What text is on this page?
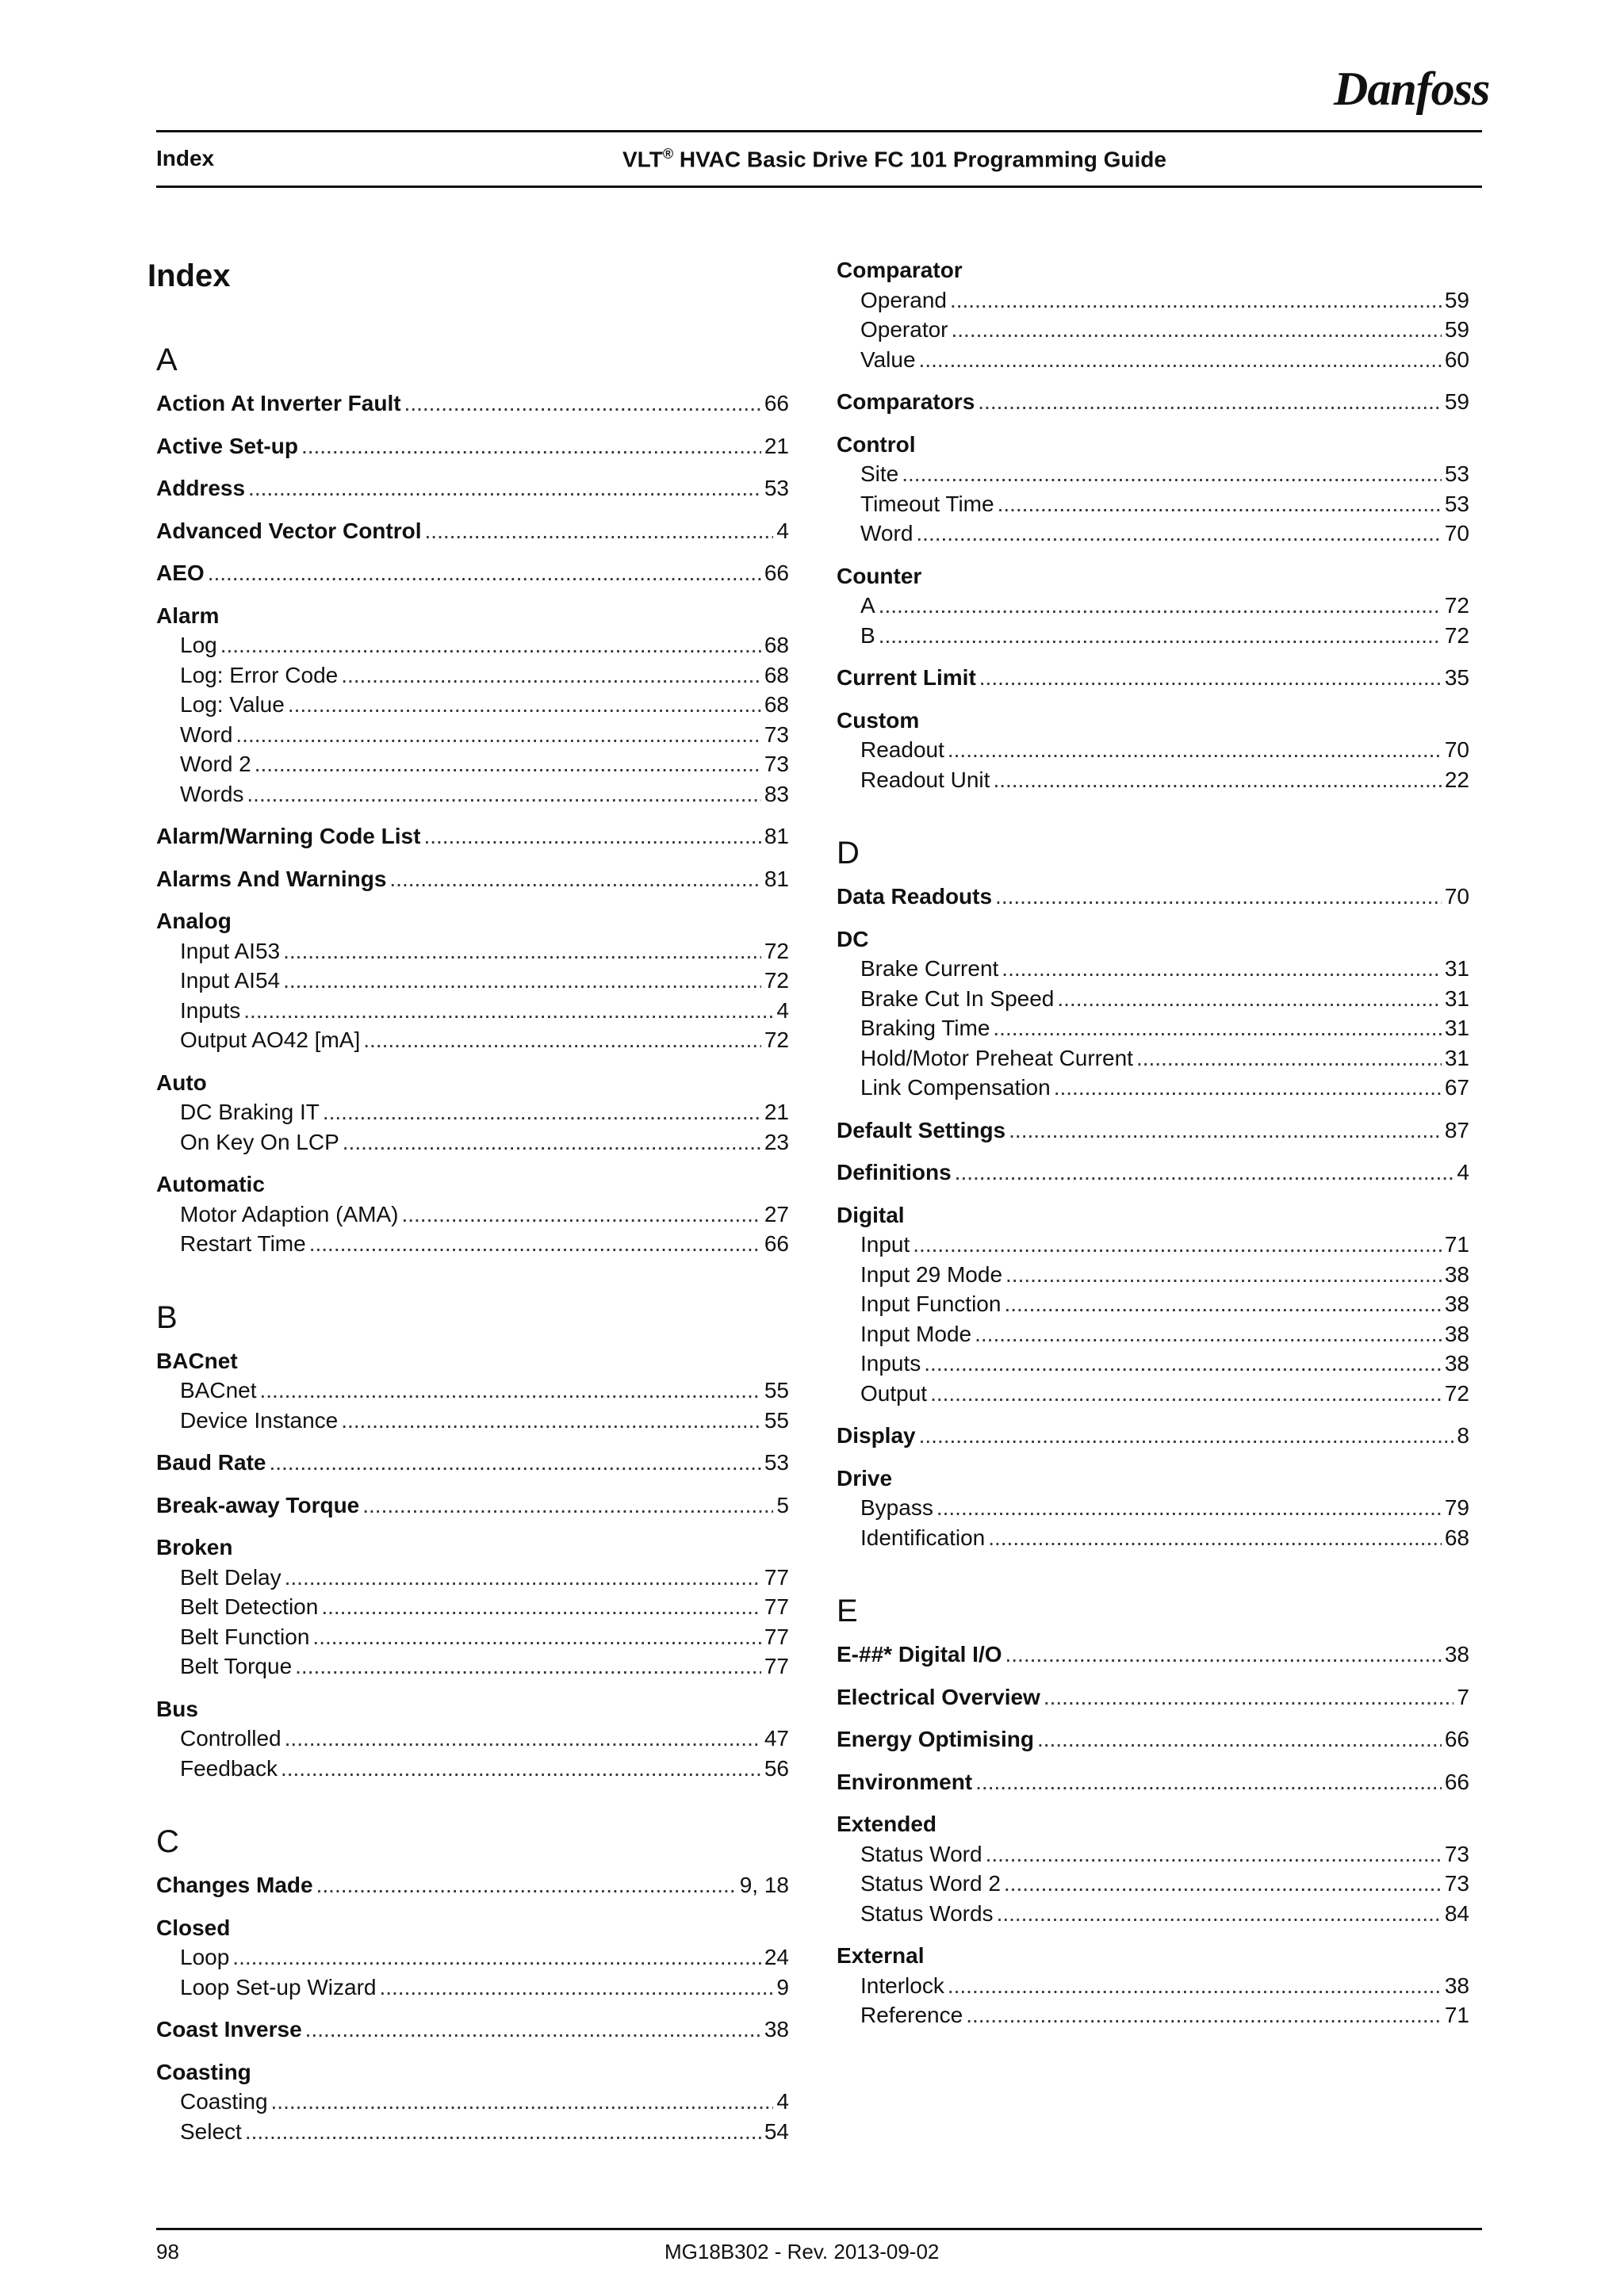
Danfoss
Index	VLT® HVAC Basic Drive FC 101 Programming Guide
Index
A
Action At Inverter Fault .....	66
Active Set-up .....	21
Address .....	53
Advanced Vector Control .....	4
AEO .....	66
Alarm
Log .....	68
Log: Error Code .....	68
Log: Value .....	68
Word .....	73
Word 2 .....	73
Words .....	83
Alarm/Warning Code List .....	81
Alarms And Warnings .....	81
Analog
Input AI53 .....	72
Input AI54 .....	72
Inputs .....	4
Output AO42 [mA] .....	72
Auto
DC Braking IT .....	21
On Key On LCP .....	23
Automatic
Motor Adaption (AMA) .....	27
Restart Time .....	66
B
BACnet
BACnet .....	55
Device Instance .....	55
Baud Rate .....	53
Break-away Torque .....	5
Broken
Belt Delay .....	77
Belt Detection .....	77
Belt Function .....	77
Belt Torque .....	77
Bus
Controlled .....	47
Feedback .....	56
C
Changes Made .....	9, 18
Closed
Loop .....	24
Loop Set-up Wizard .....	9
Coast Inverse .....	38
Coasting
Coasting .....	4
Select .....	54
Comparator
Operand .....	59
Operator .....	59
Value .....	60
Comparators .....	59
Control
Site .....	53
Timeout Time .....	53
Word .....	70
Counter
A .....	72
B .....	72
Current Limit .....	35
Custom
Readout .....	70
Readout Unit .....	22
D
Data Readouts .....	70
DC
Brake Current .....	31
Brake Cut In Speed .....	31
Braking Time .....	31
Hold/Motor Preheat Current .....	31
Link Compensation .....	67
Default Settings .....	87
Definitions .....	4
Digital
Input .....	71
Input 29 Mode .....	38
Input Function .....	38
Input Mode .....	38
Inputs .....	38
Output .....	72
Display .....	8
Drive
Bypass .....	79
Identification .....	68
E
E-##* Digital I/O .....	38
Electrical Overview .....	7
Energy Optimising .....	66
Environment .....	66
Extended
Status Word .....	73
Status Word 2 .....	73
Status Words .....	84
External
Interlock .....	38
Reference .....	71
98	MG18B302 - Rev. 2013-09-02
